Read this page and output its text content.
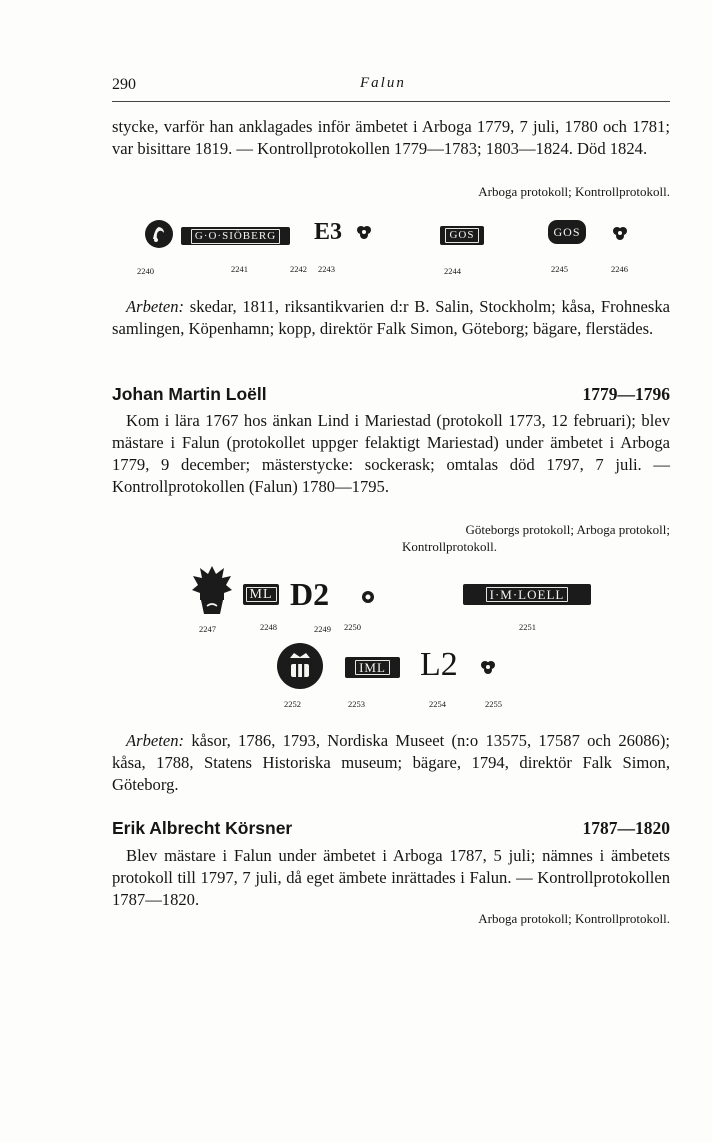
290	Falun

stycke, varför han anklagades inför ämbetet i Arboga 1779, 7 juli, 1780 och 1781; var bisittare 1819. — Kontrollprotokollen 1779—1783; 1803—1824. Död 1824.

Arboga protokoll; Kontrollprotokoll.
G·O·SIÖBERG E3	GOS	GOS
2240	2241	2242 2243	2244	2245	2246

Arbeten: skedar, 1811, riksantikvarien d:r B. Salin, Stockholm; kåsa, Frohneska samlingen, Köpenhamn; kopp, direktör Falk Simon, Göteborg; bägare, flerstädes.

Johan Martin Loëll	1779—1796

Kom i lära 1767 hos änkan Lind i Mariestad (protokoll 1773, 12 februari); blev mästare i Falun (protokollet uppger felaktigt Mariestad) under ämbetet i Arboga 1779, 9 december; mästerstycke: sockerask; omtalas död 1797, 7 juli. — Kontrollprotokollen (Falun) 1780—1795.

Göteborgs protokoll; Arboga protokoll;
Kontrollprotokoll.
ML D2	I·M·LOELL
2247	2248	2249 2250	2251
IML L2
2252	2253	2254	2255

Arbeten: kåsor, 1786, 1793, Nordiska Museet (n:o 13575, 17587 och 26086); kåsa, 1788, Statens Historiska museum; bägare, 1794, direktör Falk Simon, Göteborg.

Erik Albrecht Körsner	1787—1820

Blev mästare i Falun under ämbetet i Arboga 1787, 5 juli; nämnes i ämbetets protokoll till 1797, 7 juli, då eget ämbete inrättades i Falun. — Kontrollprotokollen 1787—1820.

Arboga protokoll; Kontrollprotokoll.
